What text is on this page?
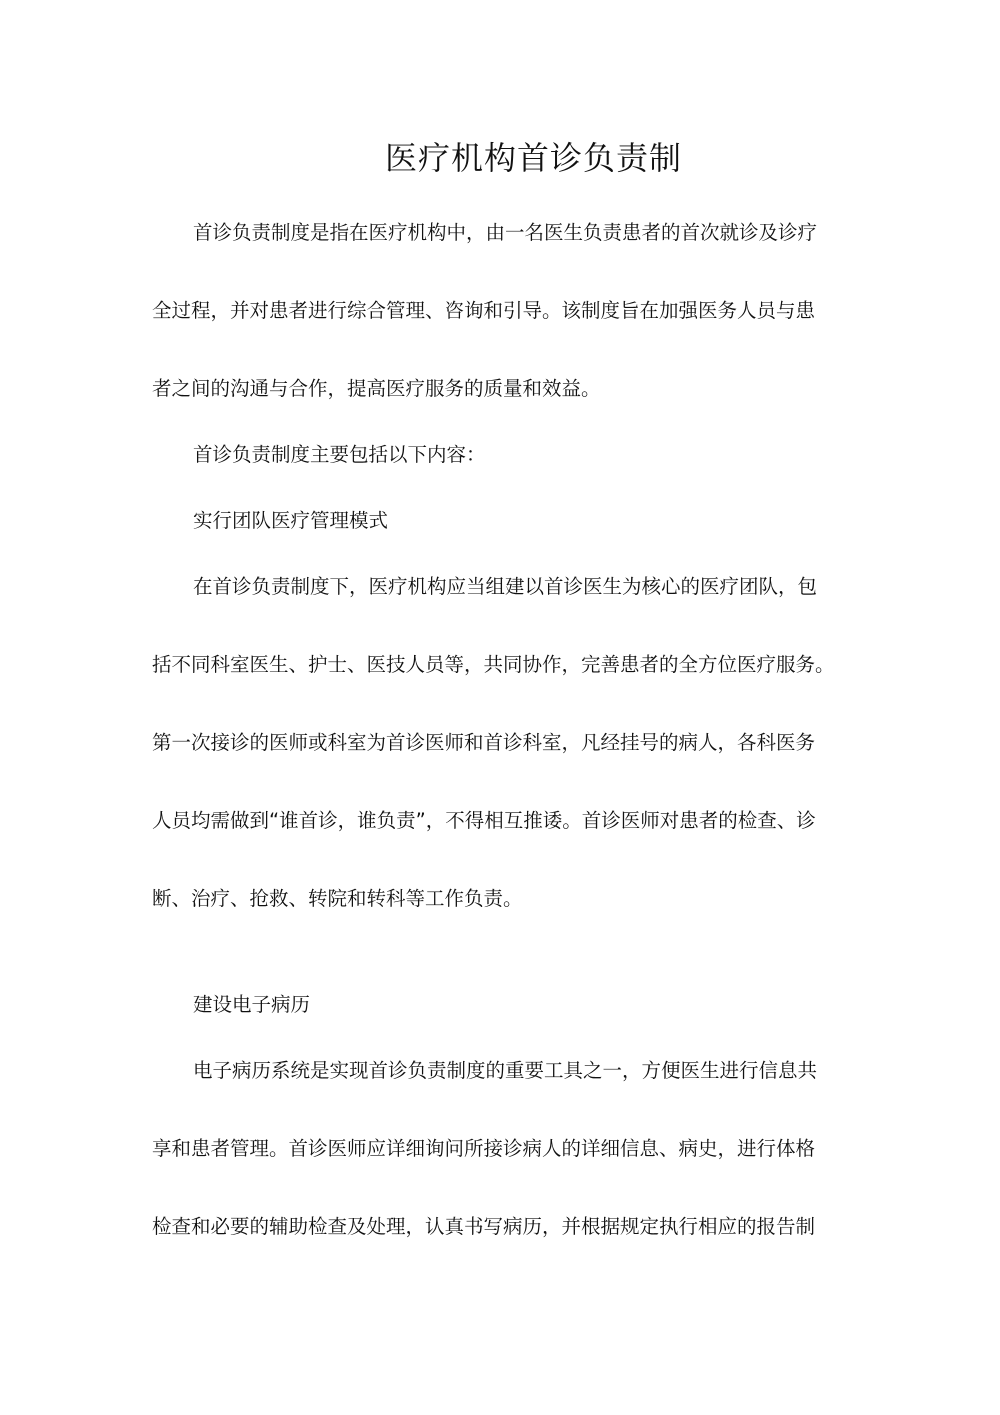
医疗机构首诊负责制

首诊负责制度是指在医疗机构中，由一名医生负责患者的首次就诊及诊疗

全过程，并对患者进行综合管理、咨询和引导。该制度旨在加强医务人员与患

者之间的沟通与合作，提高医疗服务的质量和效益。

首诊负责制度主要包括以下内容：

实行团队医疗管理模式

在首诊负责制度下，医疗机构应当组建以首诊医生为核心的医疗团队，包

括不同科室医生、护士、医技人员等，共同协作，完善患者的全方位医疗服务。

第一次接诊的医师或科室为首诊医师和首诊科室，凡经挂号的病人，各科医务

人员均需做到“谁首诊，谁负责”，不得相互推诿。首诊医师对患者的检查、诊

断、治疗、抢救、转院和转科等工作负责。

建设电子病历

电子病历系统是实现首诊负责制度的重要工具之一，方便医生进行信息共

享和患者管理。首诊医师应详细询问所接诊病人的详细信息、病史，进行体格

检查和必要的辅助检查及处理，认真书写病历，并根据规定执行相应的报告制
